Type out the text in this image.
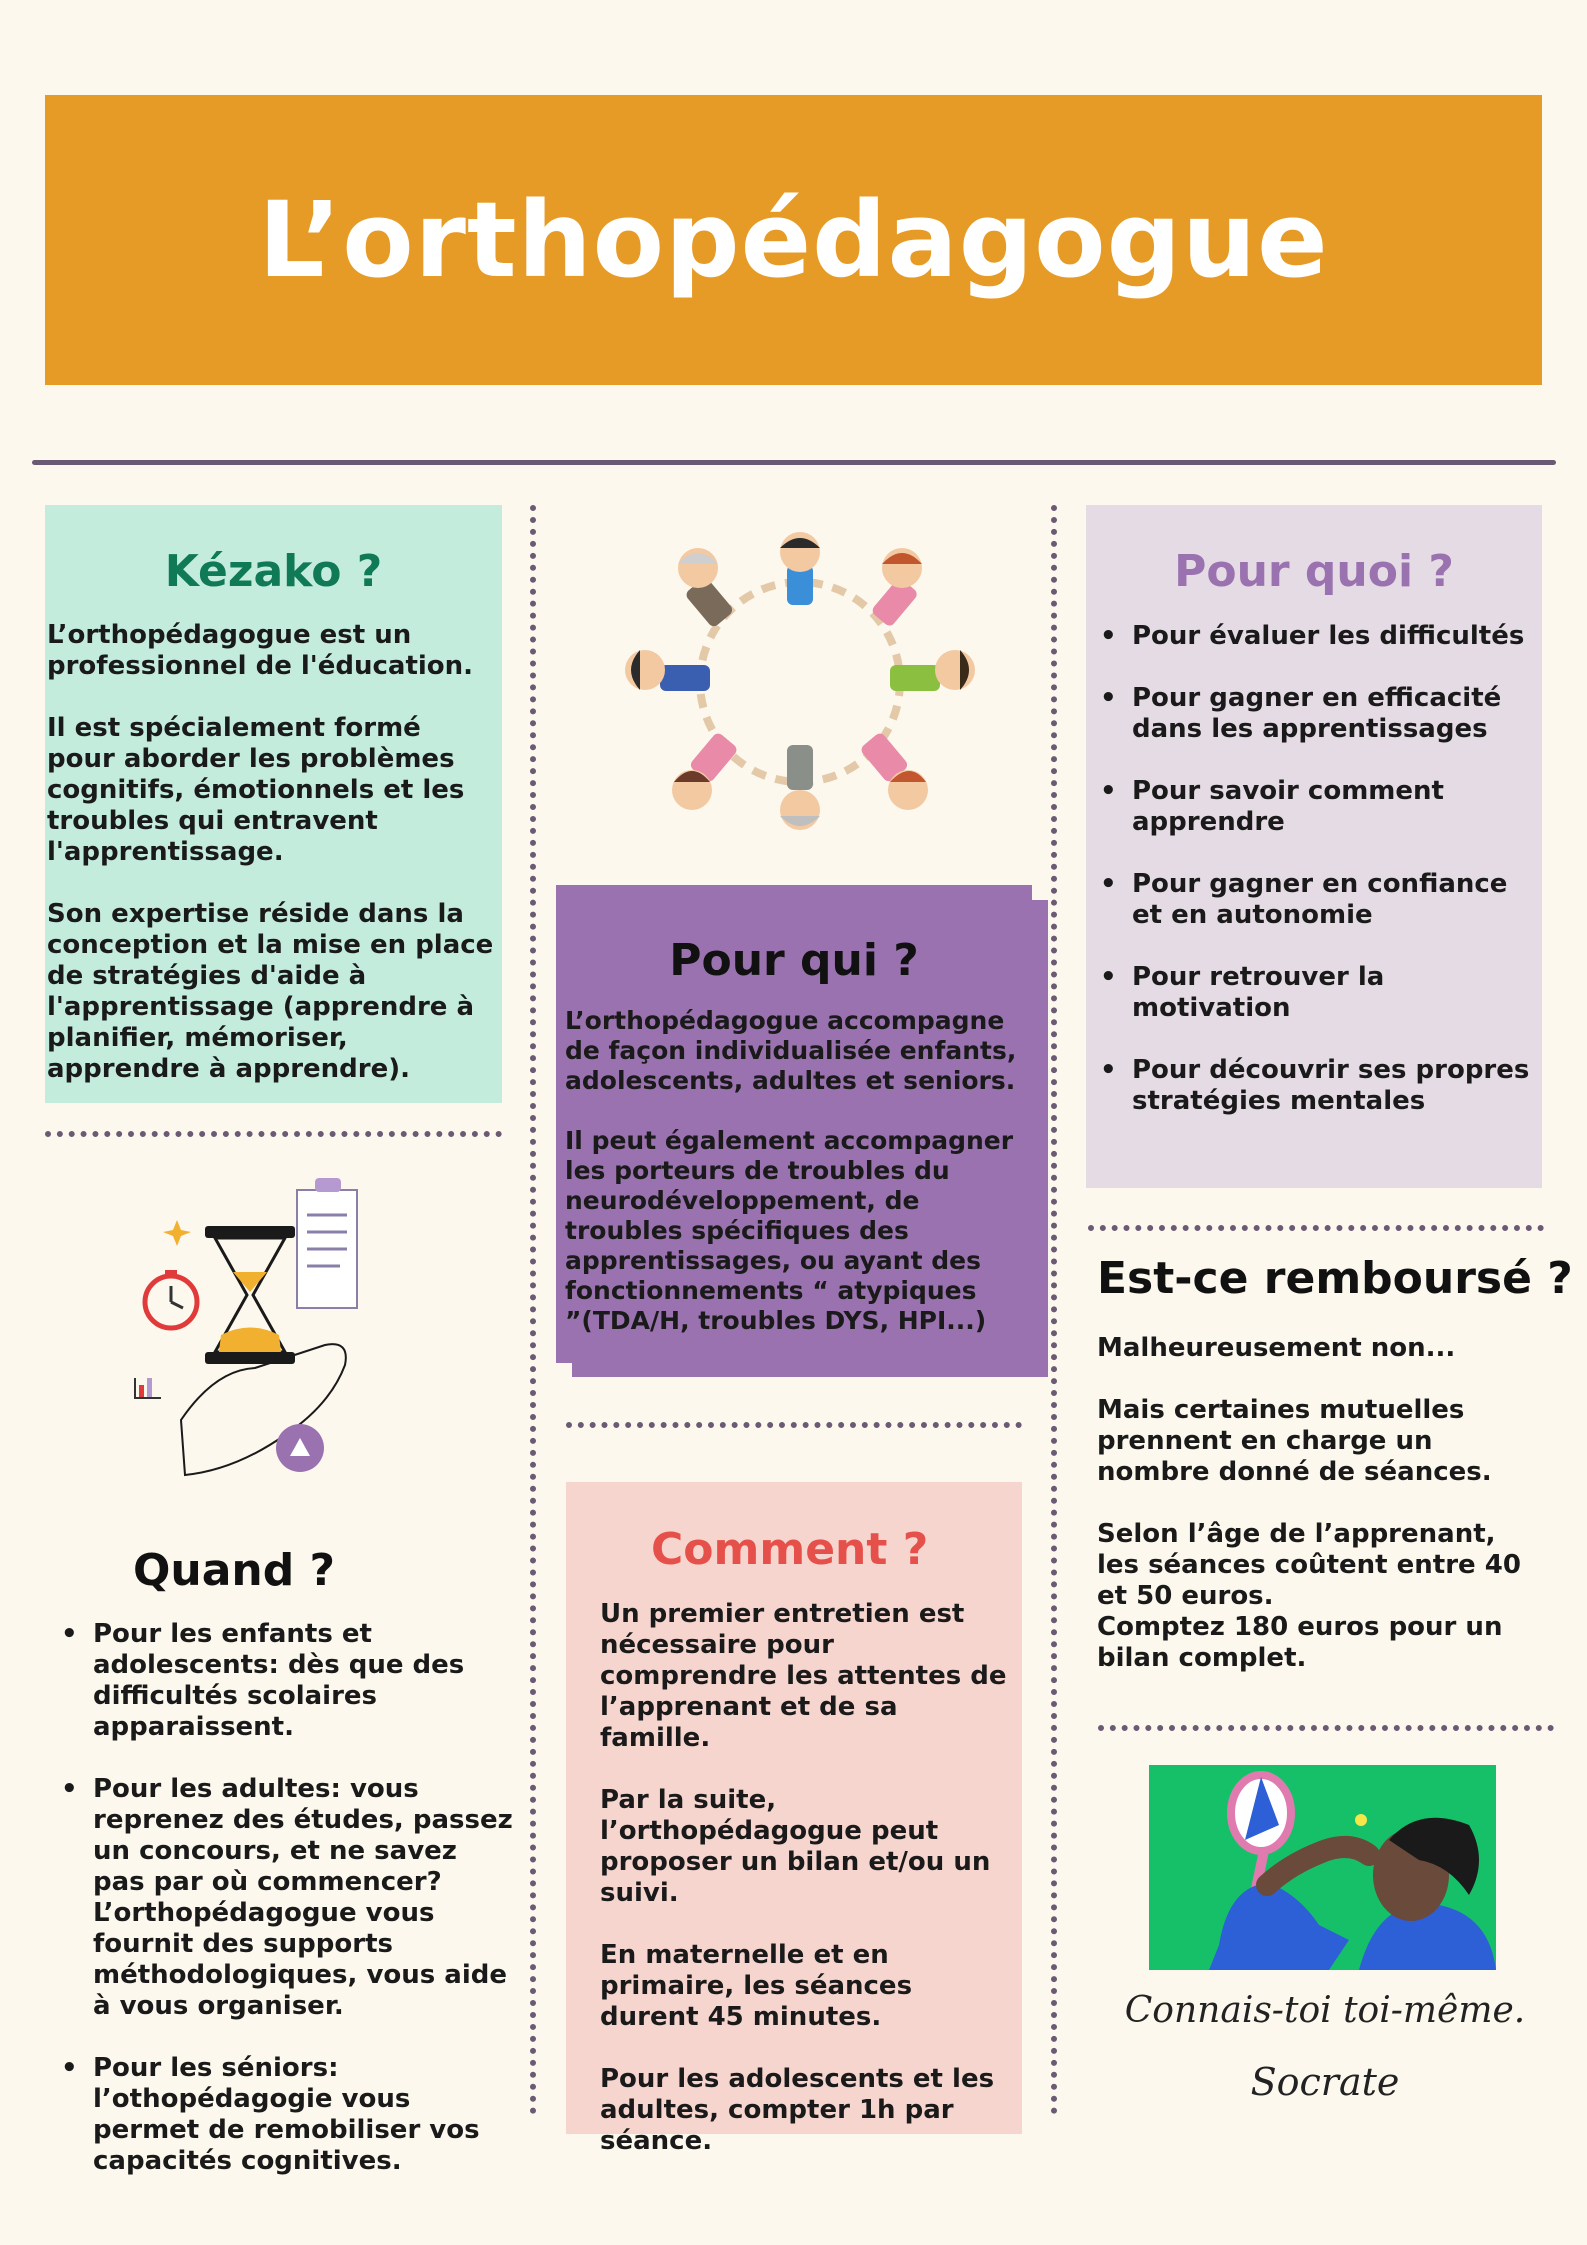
L’orthopédagogue
Kézako ?

L’orthopédagogue est un professionnel de l'éducation.

Il est spécialement formé pour aborder les problèmes cognitifs, émotionnels et les troubles qui entravent l'apprentissage.

Son expertise réside dans la conception et la mise en place de stratégies d'aide à l'apprentissage (apprendre à planifier, mémoriser, apprendre à apprendre).

Pour qui ?

L’orthopédagogue accompagne de façon individualisée enfants, adolescents, adultes et seniors.

Il peut également accompagner les porteurs de troubles du neurodéveloppement, de troubles spécifiques des apprentissages, ou ayant des fonctionnements “ atypiques ”(TDA/H, troubles DYS, HPI...)

Pour quoi ?
• Pour évaluer les difficultés
• Pour gagner en efficacité dans les apprentissages
• Pour savoir comment apprendre
• Pour gagner en confiance et en autonomie
• Pour retrouver la motivation
• Pour découvrir ses propres stratégies mentales
Est-ce remboursé ?

Malheureusement non...

Mais certaines mutuelles prennent en charge un nombre donné de séances.

Selon l’âge de l’apprenant, les séances coûtent entre 40 et 50 euros.

Comptez 180 euros pour un bilan complet.

Quand ?
• Pour les enfants et adolescents: dès que des difficultés scolaires apparaissent.
• Pour les adultes: vous reprenez des études, passez un concours, et ne savez pas par où commencer? L’orthopédagogue vous fournit des supports méthodologiques, vous aide à vous organiser.
• Pour les séniors: l’othopédagogie vous permet de remobiliser vos capacités cognitives.
Comment ?

Un premier entretien est nécessaire pour comprendre les attentes de l’apprenant et de sa famille.

Par la suite, l’orthopédagogue peut proposer un bilan et/ou un suivi.

En maternelle et en primaire, les séances durent 45 minutes.

Pour les adolescents et les adultes, compter 1h par séance.

Connais-toi toi-même.
Socrate
